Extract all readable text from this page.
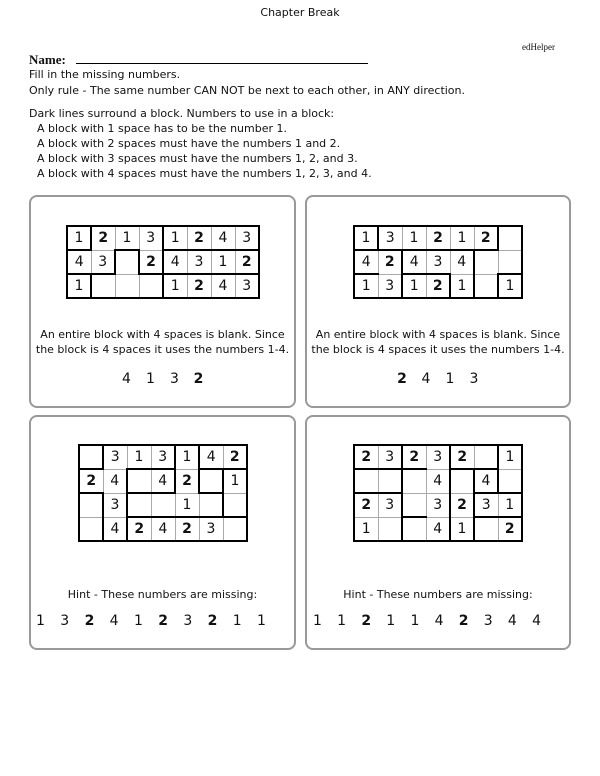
Chapter Break
Name:
edHelper
Fill in the missing numbers.
Only rule - The same number CAN NOT be next to each other, in ANY direction.
Dark lines surround a block. Numbers to use in a block:
A block with 1 space has to be the number 1.
A block with 2 spaces must have the numbers 1 and 2.
A block with 3 spaces must have the numbers 1, 2, and 3.
A block with 4 spaces must have the numbers 1, 2, 3, and 4.
1	2	1	3	1	2	4	3
4	3		2	4	3	1	2
1				1	2	4	3
An entire block with 4 spaces is blank. Since
the block is 4 spaces it uses the numbers 1-4.
4 1 3 2
1	3	1	2	1	2	
4	2	4	3	4		
1	3	1	2	1		1
An entire block with 4 spaces is blank. Since
the block is 4 spaces it uses the numbers 1-4.
2 4 1 3
	3	1	3	1	4	2
2	4		4	2		1
	3			1		
	4	2	4	2	3	
Hint - These numbers are missing:
1 3 2 4 1 2 3 2 1 1
2	3	2	3	2		1
			4		4	
2	3		3	2	3	1
1			4	1		2
Hint - These numbers are missing:
1 1 2 1 1 4 2 3 4 4
